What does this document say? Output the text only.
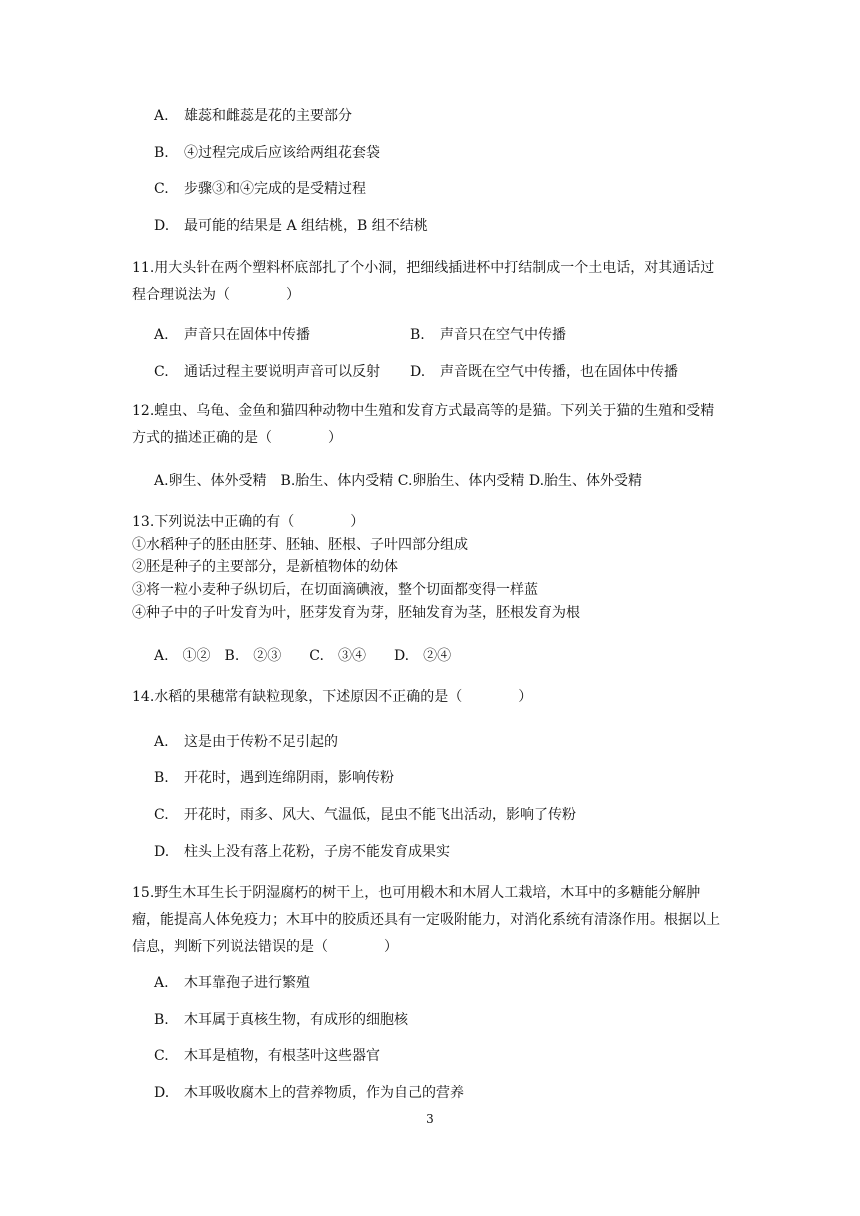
A. 雄蕊和雌蕊是花的主要部分
B. ④过程完成后应该给两组花套袋
C. 步骤③和④完成的是受精过程
D. 最可能的结果是 A 组结桃，B 组不结桃
11.用大头针在两个塑料杯底部扎了个小洞，把细线插进杯中打结制成一个土电话，对其通话过程合理说法为（　　　　）
A. 声音只在固体中传播	B. 声音只在空气中传播
C. 通话过程主要说明声音可以反射 D. 声音既在空气中传播，也在固体中传播
12.蝗虫、乌龟、金鱼和猫四种动物中生殖和发育方式最高等的是猫。下列关于猫的生殖和受精方式的描述正确的是（　　　　）
A.卵生、体外受精　B.胎生、体内受精 C.卵胎生、体内受精 D.胎生、体外受精
13.下列说法中正确的有（　　　　）
①水稻种子的胚由胚芽、胚轴、胚根、子叶四部分组成
②胚是种子的主要部分，是新植物体的幼体
③将一粒小麦种子纵切后，在切面滴碘液，整个切面都变得一样蓝
④种子中的子叶发育为叶，胚芽发育为芽，胚轴发育为茎，胚根发育为根
A.　①②　B.　②③　　C.　③④　　D.　②④
14.水稻的果穗常有缺粒现象，下述原因不正确的是（　　　　）
A. 这是由于传粉不足引起的
B. 开花时，遇到连绵阴雨，影响传粉
C. 开花时，雨多、风大、气温低，昆虫不能飞出活动，影响了传粉
D. 柱头上没有落上花粉，子房不能发育成果实
15.野生木耳生长于阴湿腐朽的树干上，也可用椴木和木屑人工栽培，木耳中的多糖能分解肿瘤，能提高人体免疫力；木耳中的胶质还具有一定吸附能力，对消化系统有清涤作用。根据以上信息，判断下列说法错误的是（　　　　）
A. 木耳靠孢子进行繁殖
B. 木耳属于真核生物，有成形的细胞核
C. 木耳是植物，有根茎叶这些器官
D. 木耳吸收腐木上的营养物质，作为自己的营养
3
